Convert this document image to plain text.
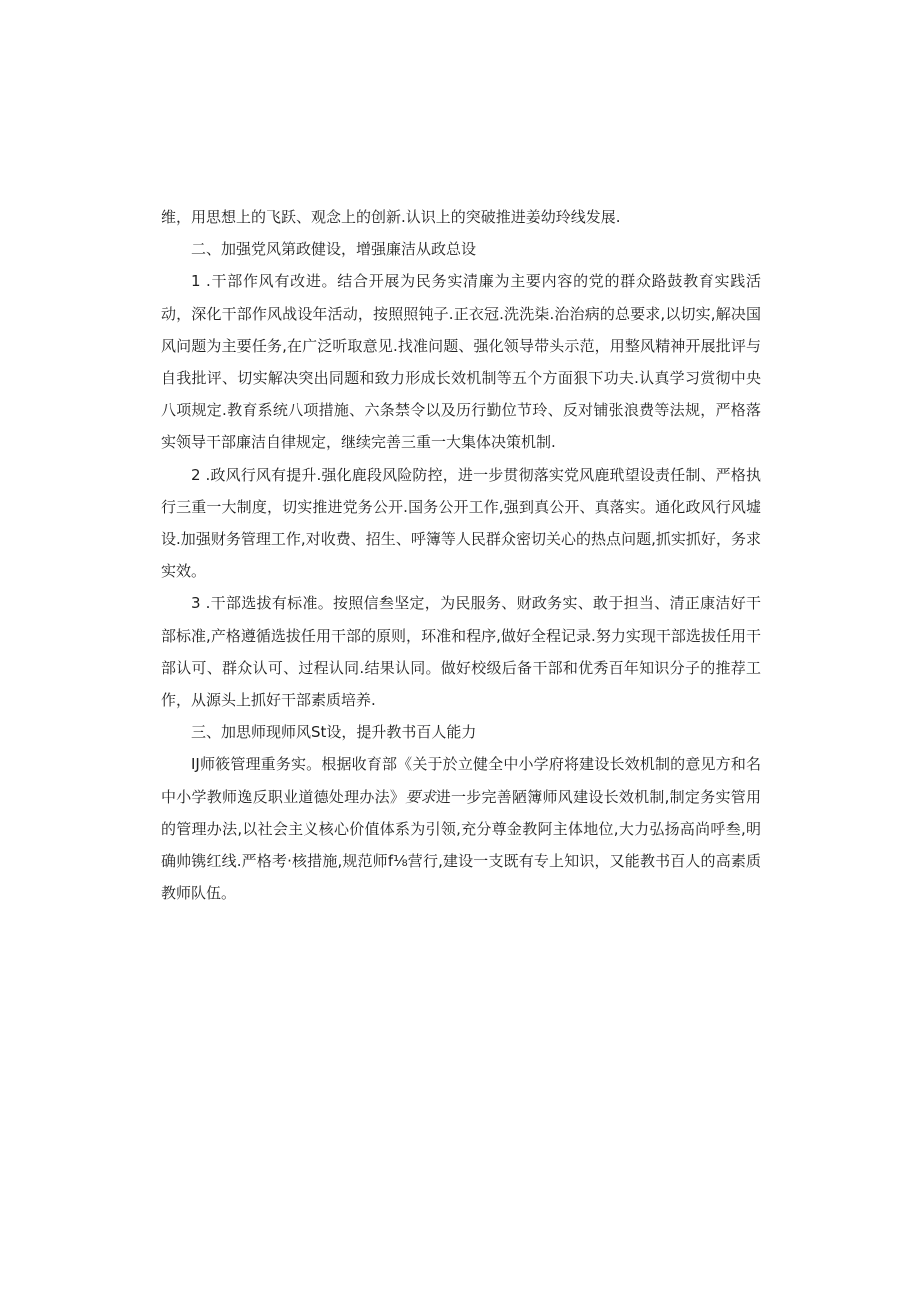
维，用思想上的飞跃、观念上的创新.认识上的突破推进姜幼玲线发展.

二、加强党风第政健设，增强廉洁从政总设

1 .干部作风有改进。结合开展为民务实清廉为主要内容的党的群众路鼓教育实践活动，深化干部作风战设年活动，按照照钝子.正衣冠.洗洗柒.治治病的总要求,以切实,解决国风问题为主要任务,在广泛听取意见.找准问题、强化领导带头示范，用整风精神开展批评与自我批评、切实解决突出同题和致力形成长效机制等五个方面狠下功夫.认真学习赏彻中央八项规定.教育系统八项措施、六条禁令以及历行勤位节玲、反对铺张浪费等法规，严格落实领导干部廉洁自律规定，继续完善三重一大集体决策机制.

2 .政风行风有提升.强化鹿段风险防控，进一步贯彻落实党风鹿玳望设责任制、严格执行三重一大制度，切实推进党务公开.国务公开工作,强到真公开、真落实。通化政风行风墟设.加强财务管理工作,对收费、招生、呼簿等人民群众密切关心的热点问题,抓实抓好，务求实效。

3 .干部选拔有标准。按照信叁坚定，为民服务、财政务实、敢于担当、清正康洁好干部标准,产格遵循选拔任用干部的原则，环准和程序,做好全程记录.努力实现干部选拔任用干部认可、群众认可、过程认同.结果认同。做好校级后备干部和优秀百年知识分子的推荐工作，从源头上抓好干部素质培养.

三、加思师现师风St设，提升教书百人能力

IJ师筱管理重务实。根据收育部《关于於立健全中小学府将建设长效机制的意见方和名中小学教师逸反职业道德处理办法》要求进一步完善陋簿师风建设长效机制,制定务实管用的管理办法,以社会主义核心价值体系为引领,充分尊金教阿主体地位,大力弘扬高尚呼叁,明确帅镌红线.严格考·核措施,规范师f⅛营行,建设一支既有专上知识，又能教书百人的高素质教师队伍。
